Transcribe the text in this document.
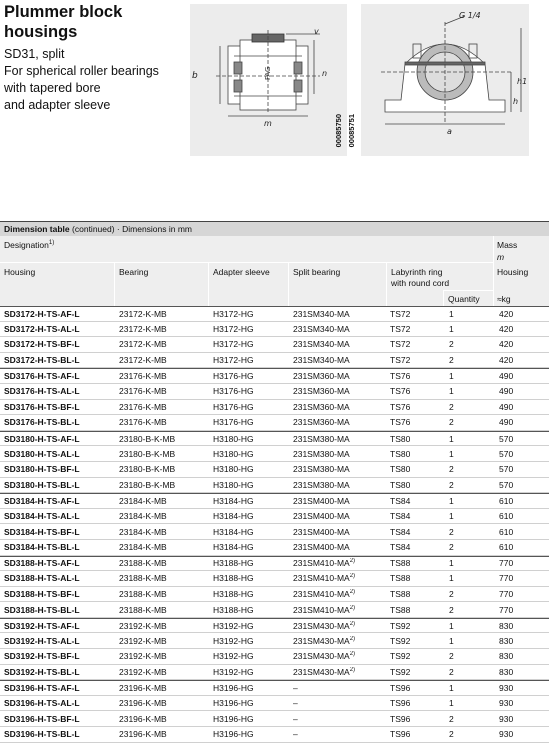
Plummer block
housings
SD31, split
For spherical roller bearings
with tapered bore
and adapter sleeve
FAG
v
n
b
m	00085750
G 1/4
a
h
h1
00085751
Dimension table (continued) · Dimensions in mm
Designation$^{1)}$	Mass
m
Housing
Housing	Bearing	Adapter sleeve	Split bearing	Labyrinth ring
with round cord
Quantity ≈kg
SD3172-H-TS-AF-L	23172-K-MB	H3172-HG	231SM340-MA	TS72	1	420
SD3172-H-TS-AL-L	23172-K-MB	H3172-HG	231SM340-MA	TS72	1	420
SD3172-H-TS-BF-L	23172-K-MB	H3172-HG	231SM340-MA	TS72	2	420
SD3172-H-TS-BL-L	23172-K-MB	H3172-HG	231SM340-MA	TS72	2	420
SD3176-H-TS-AF-L	23176-K-MB	H3176-HG	231SM360-MA	TS76	1	490
SD3176-H-TS-AL-L	23176-K-MB	H3176-HG	231SM360-MA	TS76	1	490
SD3176-H-TS-BF-L	23176-K-MB	H3176-HG	231SM360-MA	TS76	2	490
SD3176-H-TS-BL-L	23176-K-MB	H3176-HG	231SM360-MA	TS76	2	490
SD3180-H-TS-AF-L	23180-B-K-MB	H3180-HG	231SM380-MA	TS80	1	570
SD3180-H-TS-AL-L	23180-B-K-MB	H3180-HG	231SM380-MA	TS80	1	570
SD3180-H-TS-BF-L	23180-B-K-MB	H3180-HG	231SM380-MA	TS80	2	570
SD3180-H-TS-BL-L	23180-B-K-MB	H3180-HG	231SM380-MA	TS80	2	570
SD3184-H-TS-AF-L	23184-K-MB	H3184-HG	231SM400-MA	TS84	1	610
SD3184-H-TS-AL-L	23184-K-MB	H3184-HG	231SM400-MA	TS84	1	610
SD3184-H-TS-BF-L	23184-K-MB	H3184-HG	231SM400-MA	TS84	2	610
SD3184-H-TS-BL-L	23184-K-MB	H3184-HG	231SM400-MA	TS84	2	610
SD3188-H-TS-AF-L	23188-K-MB	H3188-HG	231SM410-MA$^{2)}$	TS88	1	770
SD3188-H-TS-AL-L	23188-K-MB	H3188-HG	231SM410-MA$^{2)}$	TS88	1	770
SD3188-H-TS-BF-L	23188-K-MB	H3188-HG	231SM410-MA$^{2)}$	TS88	2	770
SD3188-H-TS-BL-L	23188-K-MB	H3188-HG	231SM410-MA$^{2)}$	TS88	2	770
SD3192-H-TS-AF-L	23192-K-MB	H3192-HG	231SM430-MA$^{2)}$	TS92	1	830
SD3192-H-TS-AL-L	23192-K-MB	H3192-HG	231SM430-MA$^{2)}$	TS92	1	830
SD3192-H-TS-BF-L	23192-K-MB	H3192-HG	231SM430-MA$^{2)}$	TS92	2	830
SD3192-H-TS-BL-L	23192-K-MB	H3192-HG	231SM430-MA$^{2)}$	TS92	2	830
SD3196-H-TS-AF-L	23196-K-MB	H3196-HG	–	TS96	1	930
SD3196-H-TS-AL-L	23196-K-MB	H3196-HG	–	TS96	1	930
SD3196-H-TS-BF-L	23196-K-MB	H3196-HG	–	TS96	2	930
SD3196-H-TS-BL-L	23196-K-MB	H3196-HG	–	TS96	2	930
